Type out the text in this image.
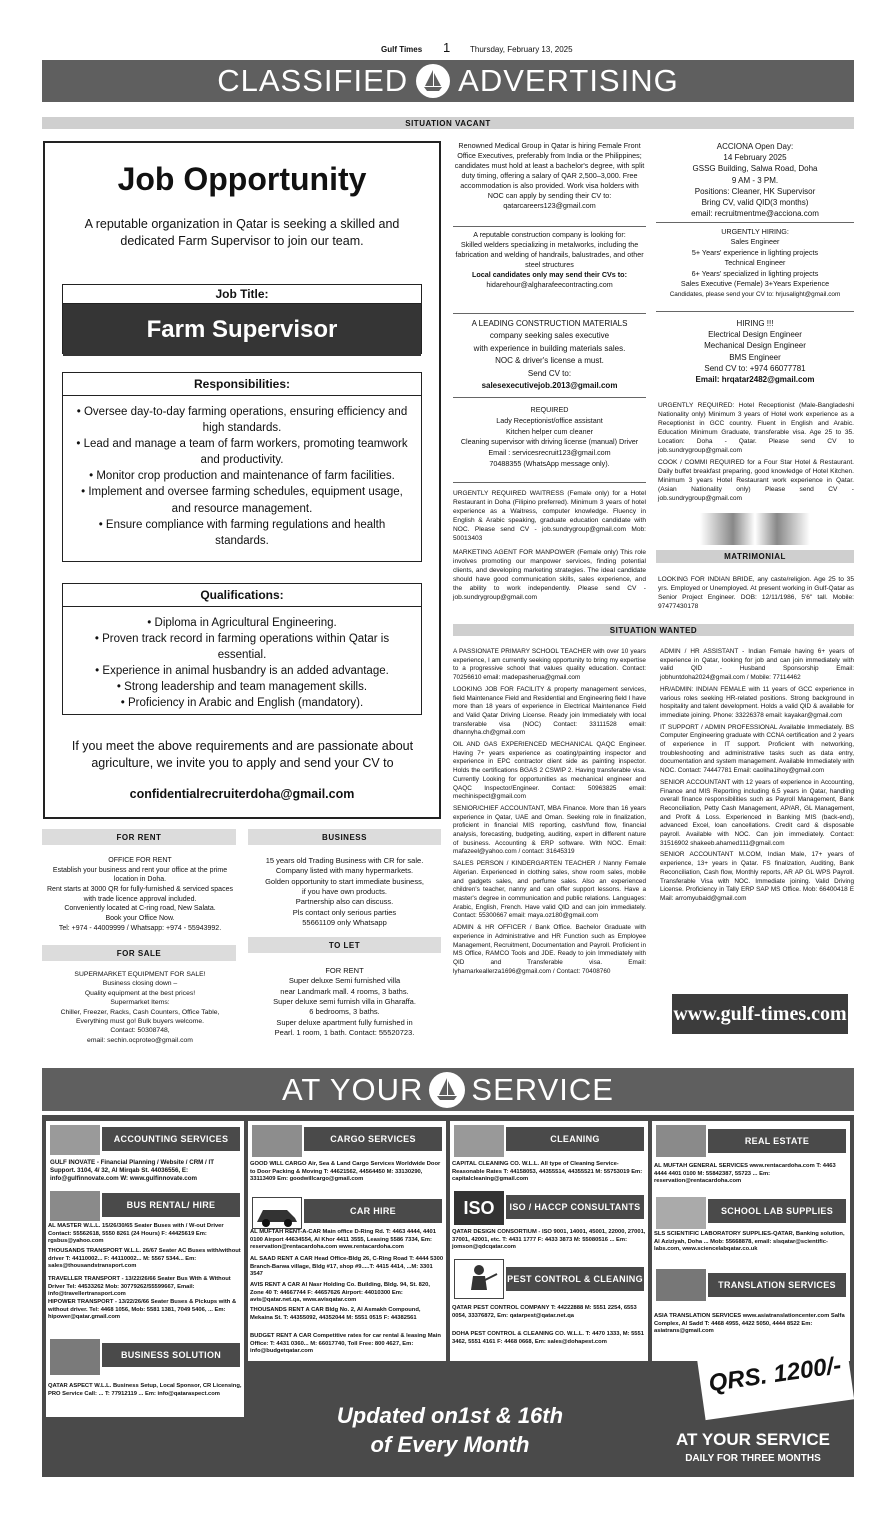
Gulf Times 1 Thursday, February 13, 2025
CLASSIFIED ADVERTISING
SITUATION VACANT
Job Opportunity
A reputable organization in Qatar is seeking a skilled and dedicated Farm Supervisor to join our team.
Job Title:
Farm Supervisor
Responsibilities:
• Oversee day-to-day farming operations, ensuring efficiency and high standards.
• Lead and manage a team of farm workers, promoting teamwork and productivity.
• Monitor crop production and maintenance of farm facilities.
• Implement and oversee farming schedules, equipment usage, and resource management.
• Ensure compliance with farming regulations and health standards.
Qualifications:
• Diploma in Agricultural Engineering.
• Proven track record in farming operations within Qatar is essential.
• Experience in animal husbandry is an added advantage.
• Strong leadership and team management skills.
• Proficiency in Arabic and English (mandatory).
If you meet the above requirements and are passionate about agriculture, we invite you to apply and send your CV to
confidentialrecruiterdoha@gmail.com
Renowned Medical Group in Qatar is hiring Female Front Office Executives, preferably from India or the Philippines; candidates must hold at least a bachelor's degree, with split duty timing, offering a salary of QAR 2,500–3,000. Free accommodation is also provided. Work visa holders with NOC can apply by sending their CV to:
qatarcareers123@gmail.com
A reputable construction company is looking for:
Skilled welders specializing in metalworks, including the fabrication and welding of handrails, balustrades, and other steel structures
Local candidates only may send their CVs to:
hidarehour@algharafeecontracting.com
A LEADING CONSTRUCTION MATERIALS
company seeking sales executive
with experience in building materials sales.
NOC & driver's license a must.
Send CV to:
salesexecutivejob.2013@gmail.com
REQUIRED
Lady Receptionist/office assistant
Kitchen helper cum cleaner
Cleaning supervisor with driving license (manual) Driver
Email : servicesrecruit123@gmail.com
70488355 (WhatsApp message only).
URGENTLY REQUIRED WAITRESS (Female only) for a Hotel Restaurant in Doha (Filipino preferred). Minimum 3 years of hotel experience as a Waitress, computer knowledge. Fluency in English & Arabic speaking, graduate education candidate with NOC. Please send CV - job.sundrygroup@gmail.com Mob: 50013403
MARKETING AGENT FOR MANPOWER (Female only) This role involves promoting our manpower services, finding potential clients, and developing marketing strategies. The ideal candidate should have good communication skills, sales experience, and the ability to work independently. Please send CV - job.sundrygroup@gmail.com
ACCIONA Open Day:
14 February 2025
GSSG Building, Salwa Road, Doha
9 AM - 3 PM.
Positions: Cleaner, HK Supervisor
Bring CV, valid QID(3 months)
email: recruitmentme@acciona.com
URGENTLY HIRING:
Sales Engineer
5+ Years' experience in lighting projects
Technical Engineer
6+ Years' specialized in lighting projects
Sales Executive (Female) 3+Years Experience
Candidates, please send your CV to: hrjusalight@gmail.com
HIRING !!!
Electrical Design Engineer
Mechanical Design Engineer
BMS Engineer
Send CV to: +974 66077781
Email: hrqatar2482@gmail.com
URGENTLY REQUIRED: Hotel Receptionist (Male-Bangladeshi Nationality only) Minimum 3 years of Hotel work experience as a Receptionist in GCC country. Fluent in English and Arabic. Education Minimum Graduate, transferable visa. Age 25 to 35. Location: Doha - Qatar. Please send CV to job.sundrygroup@gmail.com
COOK / COMMI REQUIRED for a Four Star Hotel & Restaurant. Daily buffet breakfast preparing, good knowledge of Hotel Kitchen. Minimum 3 years Hotel Restaurant work experience in Qatar. (Asian Nationality only) Please send CV - job.sundrygroup@gmail.com
MATRIMONIAL
LOOKING FOR INDIAN BRIDE, any caste/religion. Age 25 to 35 yrs. Employed or Unemployed. At present working in Gulf-Qatar as Senior Project Engineer. DOB: 12/11/1986, 5'6" tall. Mobile: 97477430178
SITUATION WANTED

A PASSIONATE PRIMARY SCHOOL TEACHER with over 10 years experience, I am currently seeking opportunity to bring my expertise to a progressive school that values quality education. Contact: 70256610 email: madepasherua@gmail.com

LOOKING JOB FOR FACILITY & property management services, field Maintenance Field and Residential and Engineering field I have more than 18 years of experience in Electrical Maintenance Field and Valid Qatar Driving License. Ready join Immediately with local transferable visa (NOC) Contact: 33111528 email: dhannyha.ch@gmail.com

OIL AND GAS EXPERIENCED MECHANICAL QAQC Engineer. Having 7+ years experience as coating/painting inspector and experience in EPC contractor client side as painting inspector. Holds the certifications BGAS 2 CSWIP 2. Having transferable visa. Currently Looking for opportunities as mechanical engineer and QAQC Inspector/Engineer. Contact: 50963825 email: mechinispect@gmail.com

SENIOR/CHIEF ACCOUNTANT, MBA Finance. More than 16 years experience in Qatar, UAE and Oman. Seeking role in finalization, proficient in financial MIS reporting, cash/fund flow, financial analysis, forecasting, budgeting, auditing, expert in different nature of business. Accounting & ERP software. With NOC. Email: mafazeel@yahoo.com / contact: 31645319

SALES PERSON / KINDERGARTEN TEACHER / Nanny Female Algerian. Experienced in clothing sales, show room sales, mobile and gadgets sales, and perfume sales. Also an experienced children's teacher, nanny and can offer support lessons. Have a master's degree in communication and public relations. Languages: Arabic, English, French. Have valid QID and can join immediately. Contact: 55300667 email: maya.oz180@gmail.com

ADMIN & HR OFFICER / Bank Office. Bachelor Graduate with experience in Administrative and HR Function such as Employee Management, Recruitment, Documentation and Payroll. Proficient in MS Office, RAMCO Tools and JDE. Ready to join Immediately with QID and Transferable visa. Email: lyhamarkeallerza1696@gmail.com / Contact: 70408760

ADMIN / HR ASSISTANT - Indian Female having 6+ years of experience in Qatar, looking for job and can join immediately with valid QID - Husband Sponsorship Email: jobhuntdoha2024@gmail.com / Mobile: 77114462

HR/ADMIN: INDIAN FEMALE with 11 years of GCC experience in various roles seeking HR-related positions. Strong background in hospitality and talent development. Holds a valid QID & available for immediate joining. Phone: 33226378 email: kayakar@gmail.com

IT SUPPORT / ADMIN PROFESSIONAL Available Immediately. BS Computer Engineering graduate with CCNA certification and 2 years of experience in IT support. Proficient with networking, troubleshooting and administrative tasks such as data entry, documentation and system management. Available Immediately with NOC. Contact: 74447781 Email: caoliha1ihoy@gmail.com

SENIOR ACCOUNTANT with 12 years of experience in Accounting, Finance and MIS Reporting including 6.5 years in Qatar, handling overall finance responsibilities such as Payroll Management, Bank Reconciliation, Petty Cash Management, AP/AR, GL Management, and Profit & Loss. Experienced in Banking MIS (back-end), advanced Excel, loan cancellations. Credit card & disposable payroll. Available with NOC. Can join immediately. Contact: 31516902 shakeeb.ahamed111@gmail.com

SENIOR ACCOUNTANT M.COM, Indian Male, 17+ years of experience, 13+ years in Qatar. FS finalization, Auditing, Bank Reconciliation, Cash flow, Monthly reports, AR AP GL WPS Payroll. Transferable Visa with NOC. Immediate joining. Valid Driving License. Proficiency in Tally ERP SAP MS Office. Mob: 66400418 E Mail: arromyubaid@gmail.com

www.gulf-times.com
FOR RENT	BUSINESS
OFFICE FOR RENT
Establish your business and rent your office at the prime location in Doha.
Rent starts at 3000 QR for fully-furnished & serviced spaces with trade licence approval included.
Conveniently located at C-ring road, New Salata.
Book your Office Now.
Tel: +974 - 44009999 / Whatsapp: +974 - 55943992.
15 years old Trading Business with CR for sale.
Company listed with many hypermarkets.
Golden opportunity to start immediate business,
if you have own products.
Partnership also can discuss.
Pls contact only serious parties
55661109 only Whatsapp
FOR SALE
TO LET
SUPERMARKET EQUIPMENT FOR SALE!
Business closing down –
Quality equipment at the best prices!
Supermarket Items:
Chiller, Freezer, Racks, Cash Counters, Office Table,
Everything must go! Bulk buyers welcome.
Contact: 50308748,
email: sechin.ocproteo@gmail.com
FOR RENT
Super deluxe Semi furnished villa
near Landmark mall. 4 rooms, 3 baths.
Super deluxe semi furnish villa in Gharaffa.
6 bedrooms, 3 baths.
Super deluxe apartment fully furnished in
Pearl. 1 room, 1 bath. Contact: 55520723.
AT YOUR SERVICE
ACCOUNTING SERVICES
GULF INOVATE - Financial Planning / Website / CRM / IT Support. 3104, 4/ 32, Al Mirqab St. 44036556, E: info@gulfinnovate.com W: www.gulfinnovate.com
BUS RENTAL/ HIRE
AL MASTER W.L.L. 15/26/30/65 Seater Buses with / W-out Driver Contact: 55562618, 5550 8261 (24 Hours) F: 44425619 Em: rgsbus@yahoo.com
THOUSANDS TRANSPORT W.L.L. 26/67 Seater AC Buses with/without driver T: 44110002... F: 44110002... M: 5567 5344... Em: sales@thousandstransport.com
TRAVELLER TRANSPORT - 13/22/26/66 Seater Bus With & Without Driver Tel: 44533262 Mob: 30779262/55599667, Email: info@travellertransport.com
HIPOWER TRANSPORT - 13/22/26/66 Seater Buses & Pickups with & without driver. Tel: 4468 1056, Mob: 5581 1381, 7049 5406, ... Em: hipower@qatar.gmail.com
BUSINESS SOLUTION
QATAR ASPECT W.L.L. Business Setup, Local Sponsor, CR Licensing, PRO Service Call: ... T: 77912119 ... Em: info@qataraspect.com
CARGO SERVICES
GOOD WILL CARGO Air, Sea & Land Cargo Services Worldwide Door to Door Packing & Moving T: 44621562, 44564450 M: 33130290, 33113409 Em: goodwillcargo@gmail.com
CAR HIRE
AL MUFTAH RENT-A-CAR Main office D-Ring Rd. T: 4463 4444, 4401 0100 Airport 44634554, Al Khor 4411 3555, Leasing 5586 7334, Em: reservation@rentacardoha.com www.rentacardoha.com
AL SAAD RENT A CAR Head Office-Bldg 26, C-Ring Road T: 4444 5300 Branch-Barwa village, Bldg #17, shop #9.....T: 4415 4414, ...M: 3301 3547
AVIS RENT A CAR Al Nasr Holding Co. Building, Bldg. 94, St. 820, Zone 40 T: 44667744 F: 44657626 Airport: 44010300 Em: avis@qatar.net.qa, www.avisqatar.com
THOUSANDS RENT A CAR Bldg No. 2, Al Asmakh Compound, Mekaina St. T: 44355092, 44352044 M: 5551 0515 F: 44382561
BUDGET RENT A CAR Competitive rates for car rental & leasing Main Office: T: 4431 0360... M: 66017740, Toll Free: 800 4627, Em: info@budgetqatar.com
CLEANING
CAPITAL CLEANING CO. W.L.L. All type of Cleaning Service-Reasonable Rates T: 44158053, 44355514, 44355521 M: 55753019 Em: capitalcleaning@gmail.com
ISO	ISO / HACCP CONSULTANTS
QATAR DESIGN CONSORTIUM - ISO 9001, 14001, 45001, 22000, 27001, 37001, 42001, etc. T: 4431 1777 F: 4433 3873 M: 55080516 ... Em: jomson@qdcqatar.com
PEST CONTROL & CLEANING
QATAR PEST CONTROL COMPANY T: 44222888 M: 5551 2254, 6553 0054, 33376872, Em: qatarpest@qatar.net.qa
DOHA PEST CONTROL & CLEANING CO. W.L.L. T: 4470 1333, M: 5551 3462, 5551 4161 F: 4468 0668, Em: sales@dohapest.com
REAL ESTATE
AL MUFTAH GENERAL SERVICES www.rentacardoha.com T: 4463 4444 4401 0100 M: 55842387, 55723 ... Em: reservation@rentacardoha.com
SCHOOL LAB SUPPLIES
SLS SCIENTIFIC LABORATORY SUPPLIES-QATAR, Banking solution, Al Aziziyah, Doha ... Mob: 55668878, email: slsqatar@scientific-labs.com, www.sciencelabqatar.co.uk
TRANSLATION SERVICES
ASIA TRANSLATION SERVICES www.asiatranslationcenter.com Salfa Complex, Al Sadd T: 4468 4955, 4422 5050, 4444 8522 Em: asiatrans@gmail.com
Updated on1st & 16th
of Every Month
QRS. 1200/-
AT YOUR SERVICE
DAILY FOR THREE MONTHS
